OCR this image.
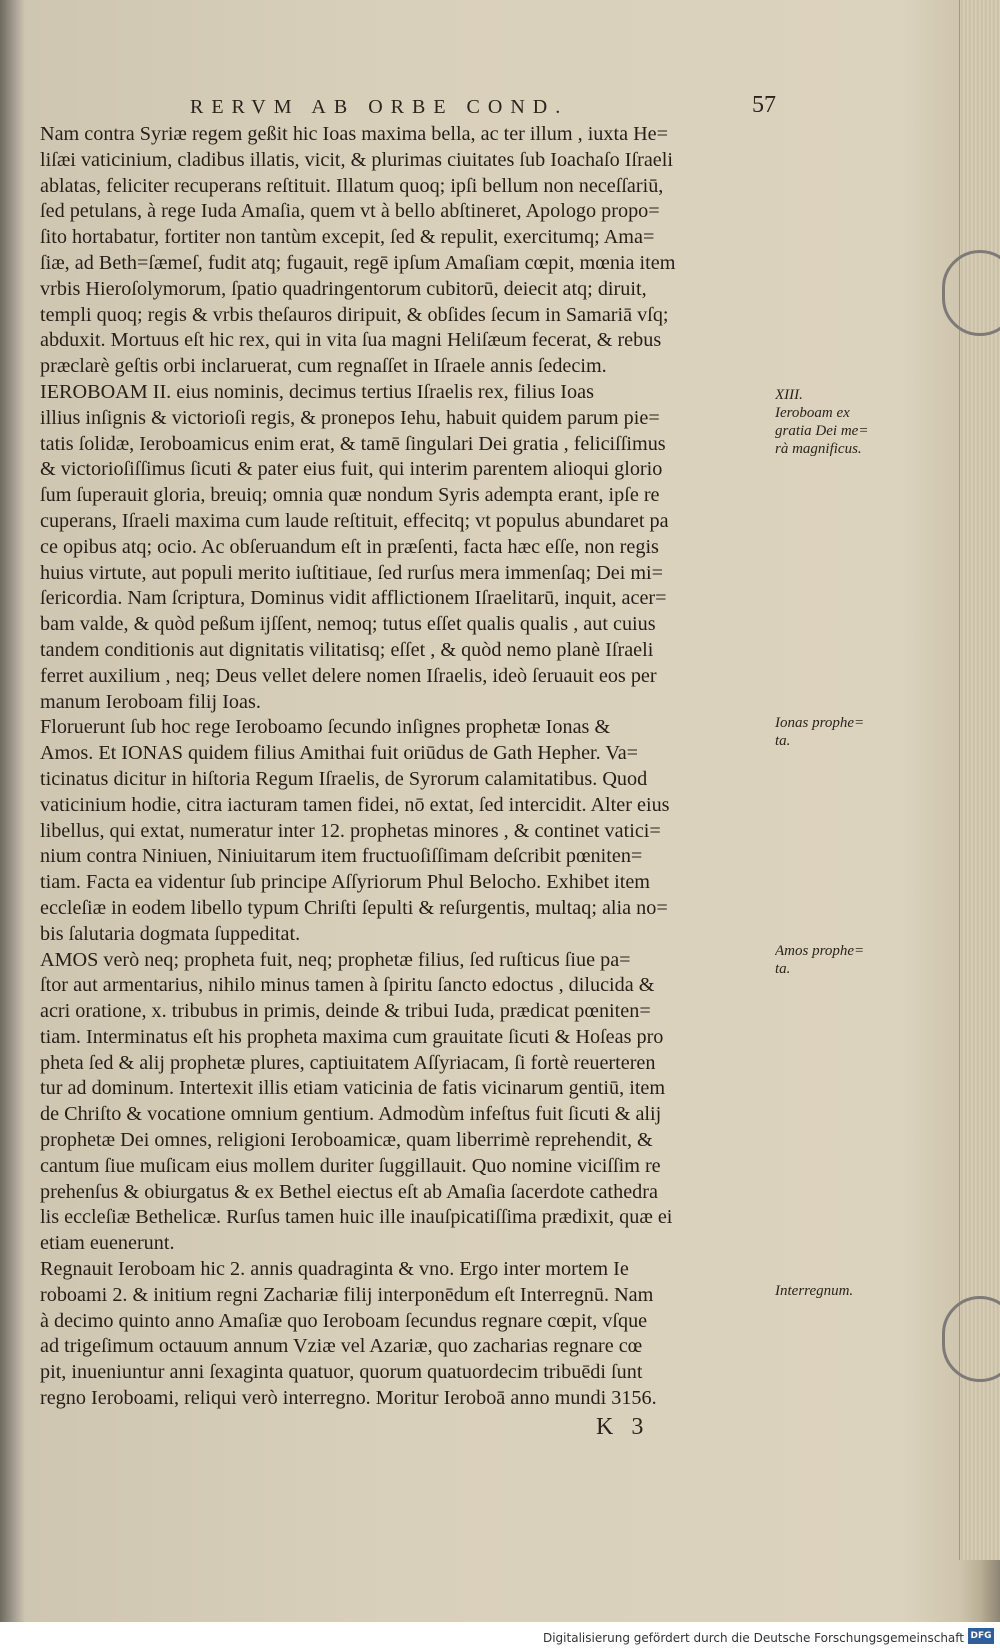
RERVM AB ORBE COND.	57

Nam contra Syriæ regem geßit hic Ioas maxima bella, ac ter illum , iuxta He=
liſæi vaticinium, cladibus illatis, vicit, & plurimas ciuitates ſub Ioachaſo Iſraeli
ablatas, feliciter recuperans reſtituit. Illatum quoq; ipſi bellum non neceſſariū,
ſed petulans, à rege Iuda Amaſia, quem vt à bello abſtineret, Apologo propo=
ſito hortabatur, fortiter non tantùm excepit, ſed & repulit, exercitumq; Ama=
ſiæ, ad Beth=ſæmeſ, fudit atq; fugauit, regē ipſum Amaſiam cœpit, mœnia item
vrbis Hieroſolymorum, ſpatio quadringentorum cubitorū, deiecit atq; diruit,
templi quoq; regis & vrbis theſauros diripuit, & obſides ſecum in Samariā vſq;
abduxit. Mortuus eſt hic rex, qui in vita ſua magni Heliſæum fecerat, & rebus
præclarè geſtis orbi inclaruerat, cum regnaſſet in Iſraele annis ſedecim.
IEROBOAM II. eius nominis, decimus tertius Iſraelis rex, filius Ioas
illius inſignis & victorioſi regis, & pronepos Iehu, habuit quidem parum pie=
tatis ſolidæ, Ieroboamicus enim erat, & tamē ſingulari Dei gratia , feliciſſimus
& victorioſiſſimus ſicuti & pater eius fuit, qui interim parentem alioqui glorio
ſum ſuperauit gloria, breuiq; omnia quæ nondum Syris adempta erant, ipſe re
cuperans, Iſraeli maxima cum laude reſtituit, effecitq; vt populus abundaret pa
ce opibus atq; ocio. Ac obſeruandum eſt in præſenti, facta hæc eſſe, non regis
huius virtute, aut populi merito iuſtitiaue, ſed rurſus mera immenſaq; Dei mi=
ſericordia. Nam ſcriptura, Dominus vidit afflictionem Iſraelitarū, inquit, acer=
bam valde, & quòd peßum ijſſent, nemoq; tutus eſſet qualis qualis , aut cuius
tandem conditionis aut dignitatis vilitatisq; eſſet , & quòd nemo planè Iſraeli
ferret auxilium , neq; Deus vellet delere nomen Iſraelis, ideò ſeruauit eos per
manum Ieroboam filij Ioas.
Floruerunt ſub hoc rege Ieroboamo ſecundo inſignes prophetæ Ionas &
Amos. Et IONAS quidem filius Amithai fuit oriūdus de Gath Hepher. Va=
ticinatus dicitur in hiſtoria Regum Iſraelis, de Syrorum calamitatibus. Quod
vaticinium hodie, citra iacturam tamen fidei, nō extat, ſed intercidit. Alter eius
libellus, qui extat, numeratur inter 12. prophetas minores , & continet vatici=
nium contra Niniuen, Niniuitarum item fructuoſiſſimam deſcribit pœniten=
tiam. Facta ea videntur ſub principe Aſſyriorum Phul Belocho. Exhibet item
eccleſiæ in eodem libello typum Chriſti ſepulti & reſurgentis, multaq; alia no=
bis ſalutaria dogmata ſuppeditat.
AMOS verò neq; propheta fuit, neq; prophetæ filius, ſed ruſticus ſiue pa=
ſtor aut armentarius, nihilo minus tamen à ſpiritu ſancto edoctus , dilucida &
acri oratione, x. tribubus in primis, deinde & tribui Iuda, prædicat pœniten=
tiam. Interminatus eſt his propheta maxima cum grauitate ſicuti & Hoſeas pro
pheta ſed & alij prophetæ plures, captiuitatem Aſſyriacam, ſi fortè reuerteren
tur ad dominum. Intertexit illis etiam vaticinia de fatis vicinarum gentiū, item
de Chriſto & vocatione omnium gentium. Admodùm infeſtus fuit ſicuti & alij
prophetæ Dei omnes, religioni Ieroboamicæ, quam liberrimè reprehendit, &
cantum ſiue muſicam eius mollem duriter ſuggillauit. Quo nomine viciſſim re
prehenſus & obiurgatus & ex Bethel eiectus eſt ab Amaſia ſacerdote cathedra
lis eccleſiæ Bethelicæ. Rurſus tamen huic ille inauſpicatiſſima prædixit, quæ ei
etiam euenerunt.
Regnauit Ieroboam hic 2. annis quadraginta & vno. Ergo inter mortem Ie
roboami 2. & initium regni Zachariæ filij interponēdum eſt Interregnū. Nam
à decimo quinto anno Amaſiæ quo Ieroboam ſecundus regnare cœpit, vſque
ad trigeſimum octauum annum Vziæ vel Azariæ, quo zacharias regnare cœ
pit, inueniuntur anni ſexaginta quatuor, quorum quatuordecim tribuēdi ſunt
regno Ieroboami, reliqui verò interregno. Moritur Ieroboā anno mundi 3156.

XIII.
Ieroboam ex
gratia Dei me=
rà magnificus.
Ionas prophe=
ta.
Amos prophe=
ta.
Interregnum.
K 3
Digitalisierung gefördert durch die Deutsche Forschungsgemeinschaft DFG
